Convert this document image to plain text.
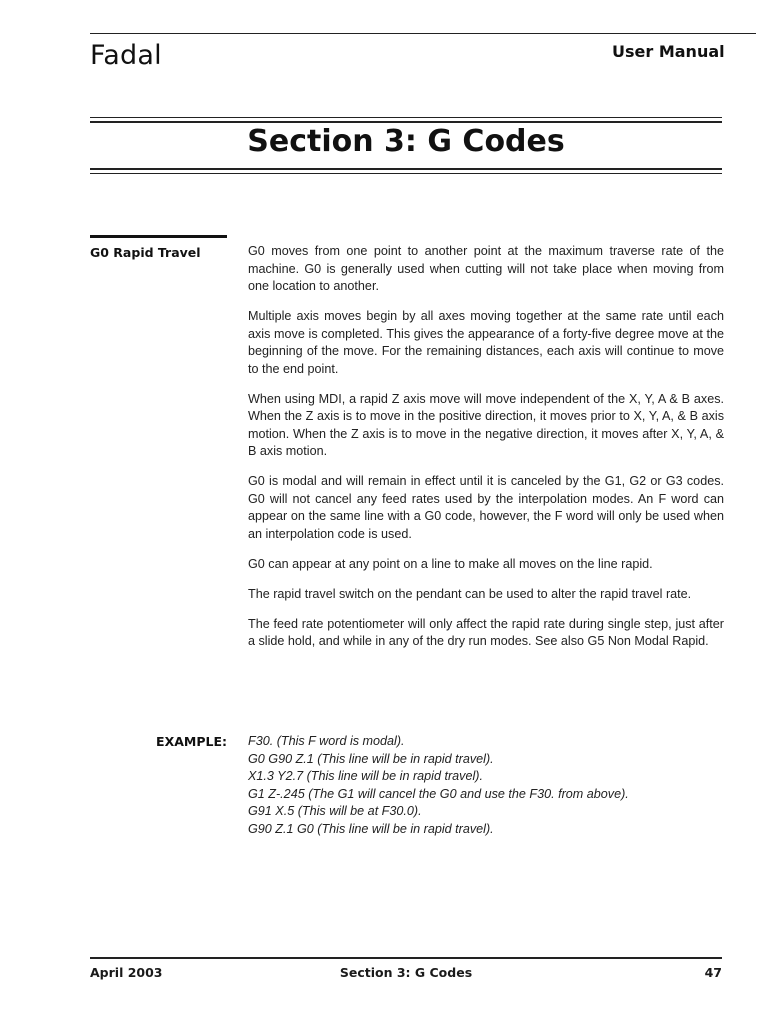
Fadal	User Manual
Section 3: G Codes
G0 Rapid Travel	G0 moves from one point to another point at the maximum traverse rate of the machine. G0 is generally used when cutting will not take place when moving from one location to another.

Multiple axis moves begin by all axes moving together at the same rate until each axis move is completed. This gives the appearance of a forty-five degree move at the beginning of the move. For the remaining distances, each axis will continue to move to the end point.

When using MDI, a rapid Z axis move will move independent of the X, Y, A & B axes. When the Z axis is to move in the positive direction, it moves prior to X, Y, A, & B axis motion. When the Z axis is to move in the negative direction, it moves after X, Y, A, & B axis motion.

G0 is modal and will remain in effect until it is canceled by the G1, G2 or G3 codes. G0 will not cancel any feed rates used by the interpolation modes. An F word can appear on the same line with a G0 code, however, the F word will only be used when an interpolation code is used.

G0 can appear at any point on a line to make all moves on the line rapid.

The rapid travel switch on the pendant can be used to alter the rapid travel rate.

The feed rate potentiometer will only affect the rapid rate during single step, just after a slide hold, and while in any of the dry run modes. See also G5 Non Modal Rapid.

EXAMPLE: F30. (This F word is modal).
G0 G90 Z.1 (This line will be in rapid travel).
X1.3 Y2.7 (This line will be in rapid travel).
G1 Z-.245 (The G1 will cancel the G0 and use the F30. from above).
G91 X.5 (This will be at F30.0).
G90 Z.1 G0 (This line will be in rapid travel).
April 2003	Section 3: G Codes	47
